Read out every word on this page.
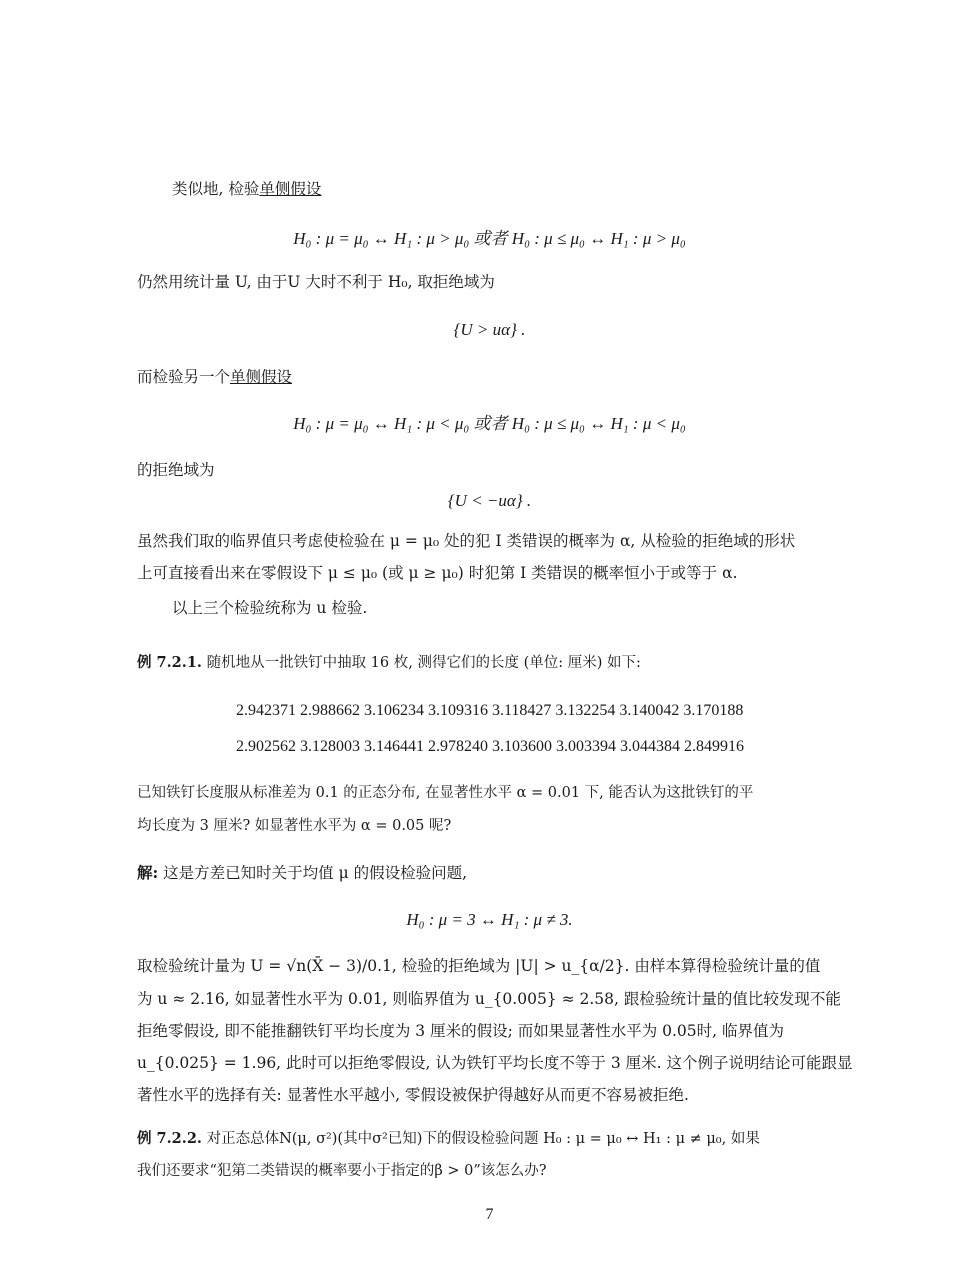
类似地, 检验单侧假设
H₀ : μ = μ₀ ↔ H₁ : μ > μ₀ 或者 H₀ : μ ≤ μ₀ ↔ H₁ : μ > μ₀
仍然用统计量 U, 由于U 大时不利于 H₀, 取拒绝域为
{U > uα} .
而检验另一个单侧假设
H₀ : μ = μ₀ ↔ H₁ : μ < μ₀ 或者 H₀ : μ ≤ μ₀ ↔ H₁ : μ < μ₀
的拒绝域为
{U < −uα} .
虽然我们取的临界值只考虑使检验在 μ = μ₀ 处的犯 I 类错误的概率为 α, 从检验的拒绝域的形状
上可直接看出来在零假设下 μ ≤ μ₀ (或 μ ≥ μ₀) 时犯第 I 类错误的概率恒小于或等于 α.
以上三个检验统称为 u 检验.
例 7.2.1. 随机地从一批铁钉中抽取 16 枚, 测得它们的长度 (单位: 厘米) 如下:
2.942371 2.988662 3.106234 3.109316 3.118427 3.132254 3.140042 3.170188
2.902562 3.128003 3.146441 2.978240 3.103600 3.003394 3.044384 2.849916
已知铁钉长度服从标准差为 0.1 的正态分布, 在显著性水平 α = 0.01 下, 能否认为这批铁钉的平
均长度为 3 厘米? 如显著性水平为 α = 0.05 呢?
解: 这是方差已知时关于均值 μ 的假设检验问题,
H₀ : μ = 3 ↔ H₁ : μ ≠ 3.
取检验统计量为 U = √n(X̄ − 3)/0.1, 检验的拒绝域为 |U| > u_{α/2}. 由样本算得检验统计量的值
为 u ≈ 2.16, 如显著性水平为 0.01, 则临界值为 u_{0.005} ≈ 2.58, 跟检验统计量的值比较发现不能
拒绝零假设, 即不能推翻铁钉平均长度为 3 厘米的假设; 而如果显著性水平为 0.05时, 临界值为
u_{0.025} = 1.96, 此时可以拒绝零假设, 认为铁钉平均长度不等于 3 厘米. 这个例子说明结论可能跟显
著性水平的选择有关: 显著性水平越小, 零假设被保护得越好从而更不容易被拒绝.
例 7.2.2. 对正态总体N(μ, σ²)(其中σ²已知)下的假设检验问题 H₀ : μ = μ₀ ↔ H₁ : μ ≠ μ₀, 如果
我们还要求“犯第二类错误的概率要小于指定的β > 0”该怎么办?
7
